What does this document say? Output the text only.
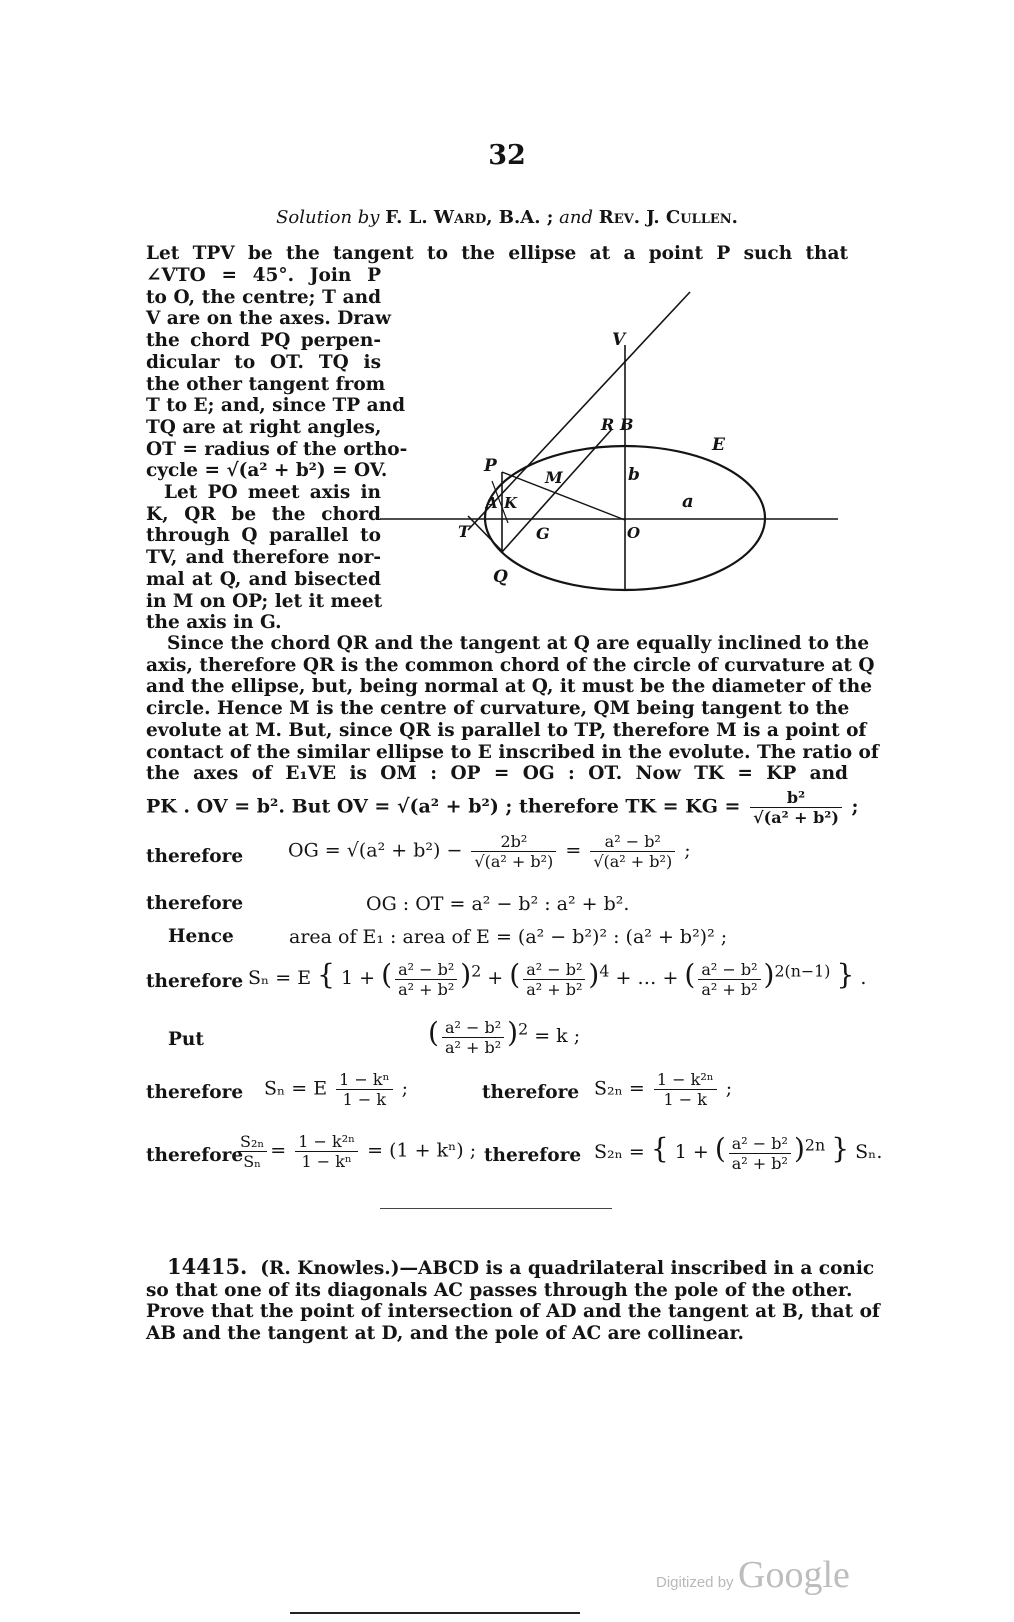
32
Solution by F. L. Ward, B.A. ; and Rev. J. Cullen.
Let TPV be the tangent to the ellipse at a point P such that
∠VTO = 45°. Join P
to O, the centre; T and
V are on the axes. Draw
the chord PQ perpen-
dicular to OT. TQ is
the other tangent from
T to E; and, since TP and
TQ are at right angles,
OT = radius of the ortho-
cycle = √(a² + b²) = OV.
Let PO meet axis in
K, QR be the chord
through Q parallel to
TV, and therefore nor-
mal at Q, and bisected
in M on OP; let it meet
the axis in G.
V
R B
E
P
M	b
A K	a
T	G	O
Q
Since the chord QR and the tangent at Q are equally inclined to the
axis, therefore QR is the common chord of the circle of curvature at Q
and the ellipse, but, being normal at Q, it must be the diameter of the
circle. Hence M is the centre of curvature, QM being tangent to the
evolute at M. But, since QR is parallel to TP, therefore M is a point of
contact of the similar ellipse to E inscribed in the evolute. The ratio of
the axes of E₁VE is OM : OP = OG : OT. Now TK = KP and
PK . OV = b². But OV = √(a² + b²) ; therefore TK = KG = $\frac{\text{b²}}{\text{√(a² + b²)}}$ ;
therefore OG = $√(a^2 + b^2) - \frac{\text{2b²}}{\text{√(a² + b²)}} = \frac{\text{a² − b²}}{\text{√(a² + b²)}}$ ;
therefore	OG : OT = a² − b² : a² + b².
Hence	area of E₁ : area of E = (a² − b²)² : (a² + b²)² ;
therefore Sₙ = E { 1 + ( $\frac{\text{a² − b²}}{\text{a² + b²}} )^2$ + ( $\frac{\text{a² − b²}}{\text{a² + b²}} )^4$ + … + ( $\frac{\text{a² − b²}}{\text{a² + b²}} )^{2(n-1)}$ } .
Put	( $\frac{\text{a² − b²}}{\text{a² + b²}} )^2 = k$ ;
therefore Sₙ = E $\frac{\text{1 − kⁿ}}{1 - k}$ ;	therefore $S_{2n} = \frac{\text{1 − k²ⁿ}}{1 - k}$ ;
therefore
$\frac{\text{S₂ₙ}}{\text{Sₙ}} = \frac{\text{1 − k²ⁿ}}{\text{1 − kⁿ}} = (1 + k^n)$ ; therefore S₂ₙ = { 1 + ( $\frac{\text{a² − b²}}{\text{a² + b²}} )^{2n}$ } Sₙ.
14415. (R. Knowles.)—ABCD is a quadrilateral inscribed in a conic
so that one of its diagonals AC passes through the pole of the other.
Prove that the point of intersection of AD and the tangent at B, that of
AB and the tangent at D, and the pole of AC are collinear.
Digitized by Google
